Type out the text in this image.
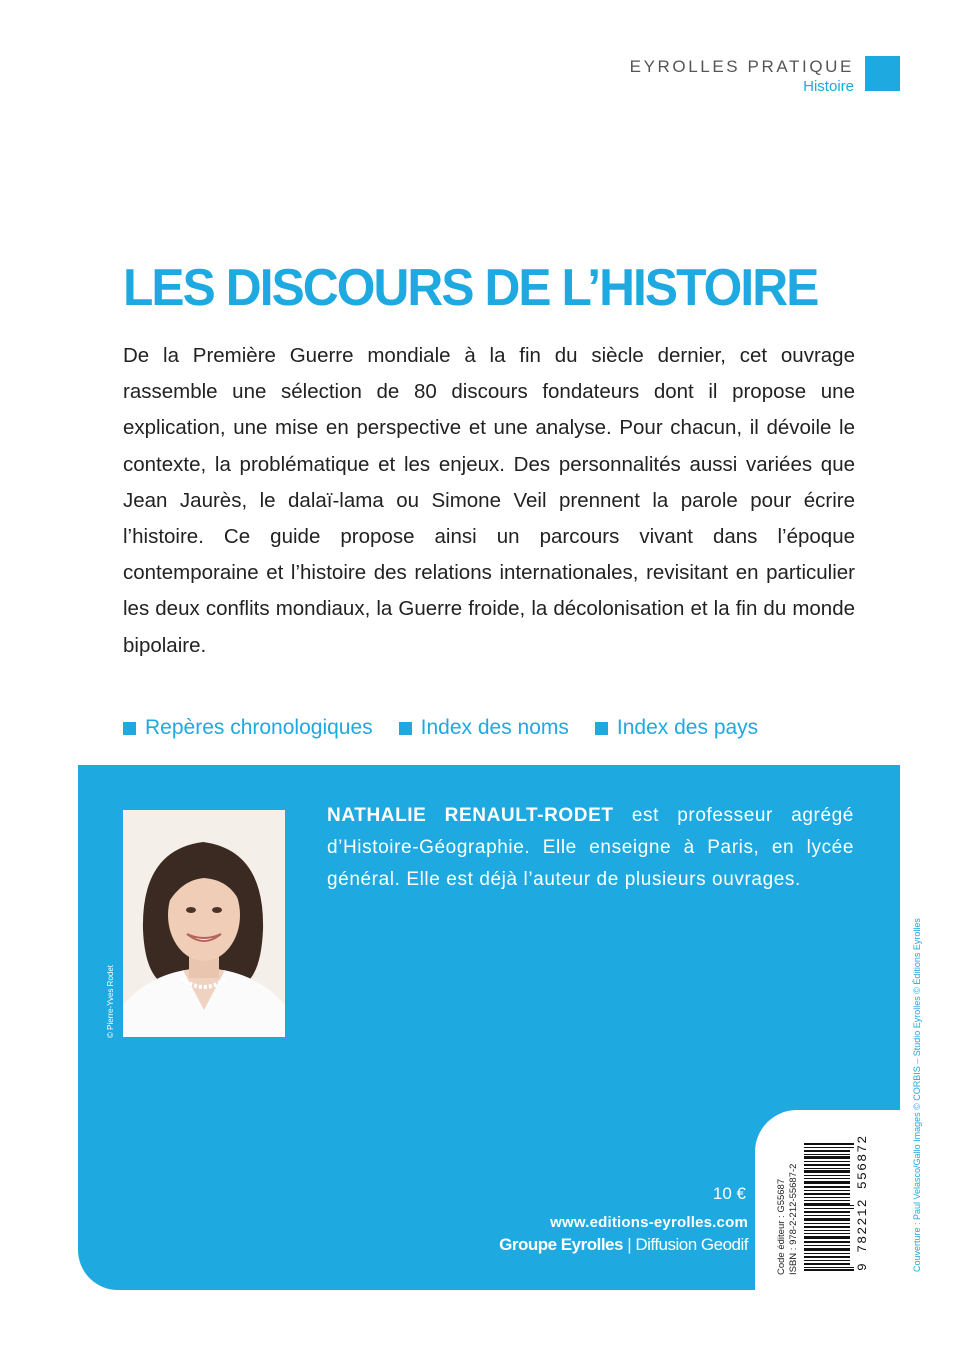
EYROLLES PRATIQUE
Histoire
LES DISCOURS DE L’HISTOIRE

De la Première Guerre mondiale à la fin du siècle dernier, cet ouvrage rassemble une sélection de 80 discours fondateurs dont il propose une explication, une mise en perspective et une analyse. Pour chacun, il dévoile le contexte, la problématique et les enjeux. Des personnalités aussi variées que Jean Jaurès, le dalaï-lama ou Simone Veil prennent la parole pour écrire l’histoire. Ce guide propose ainsi un parcours vivant dans l’époque contemporaine et l’histoire des relations internationales, revisitant en particulier les deux conflits mondiaux, la Guerre froide, la décolonisation et la fin du monde bipolaire.

Repères chronologiques Index des noms Index des pays
© Pierre-Yves Rodet

NATHALIE RENAULT-RODET est professeur agrégé d’Histoire-Géographie. Elle enseigne à Paris, en lycée général. Elle est déjà l’auteur de plusieurs ouvrages.

10 €
www.editions-eyrolles.com
Groupe Eyrolles | Diffusion Geodif	Code éditeur : G55687 ISBN : 978-2-212-55687-2	9 782212 556872	Couverture : Paul Velasco/Gallo Images © CORBIS – Studio Eyrolles © Éditions Eyrolles
